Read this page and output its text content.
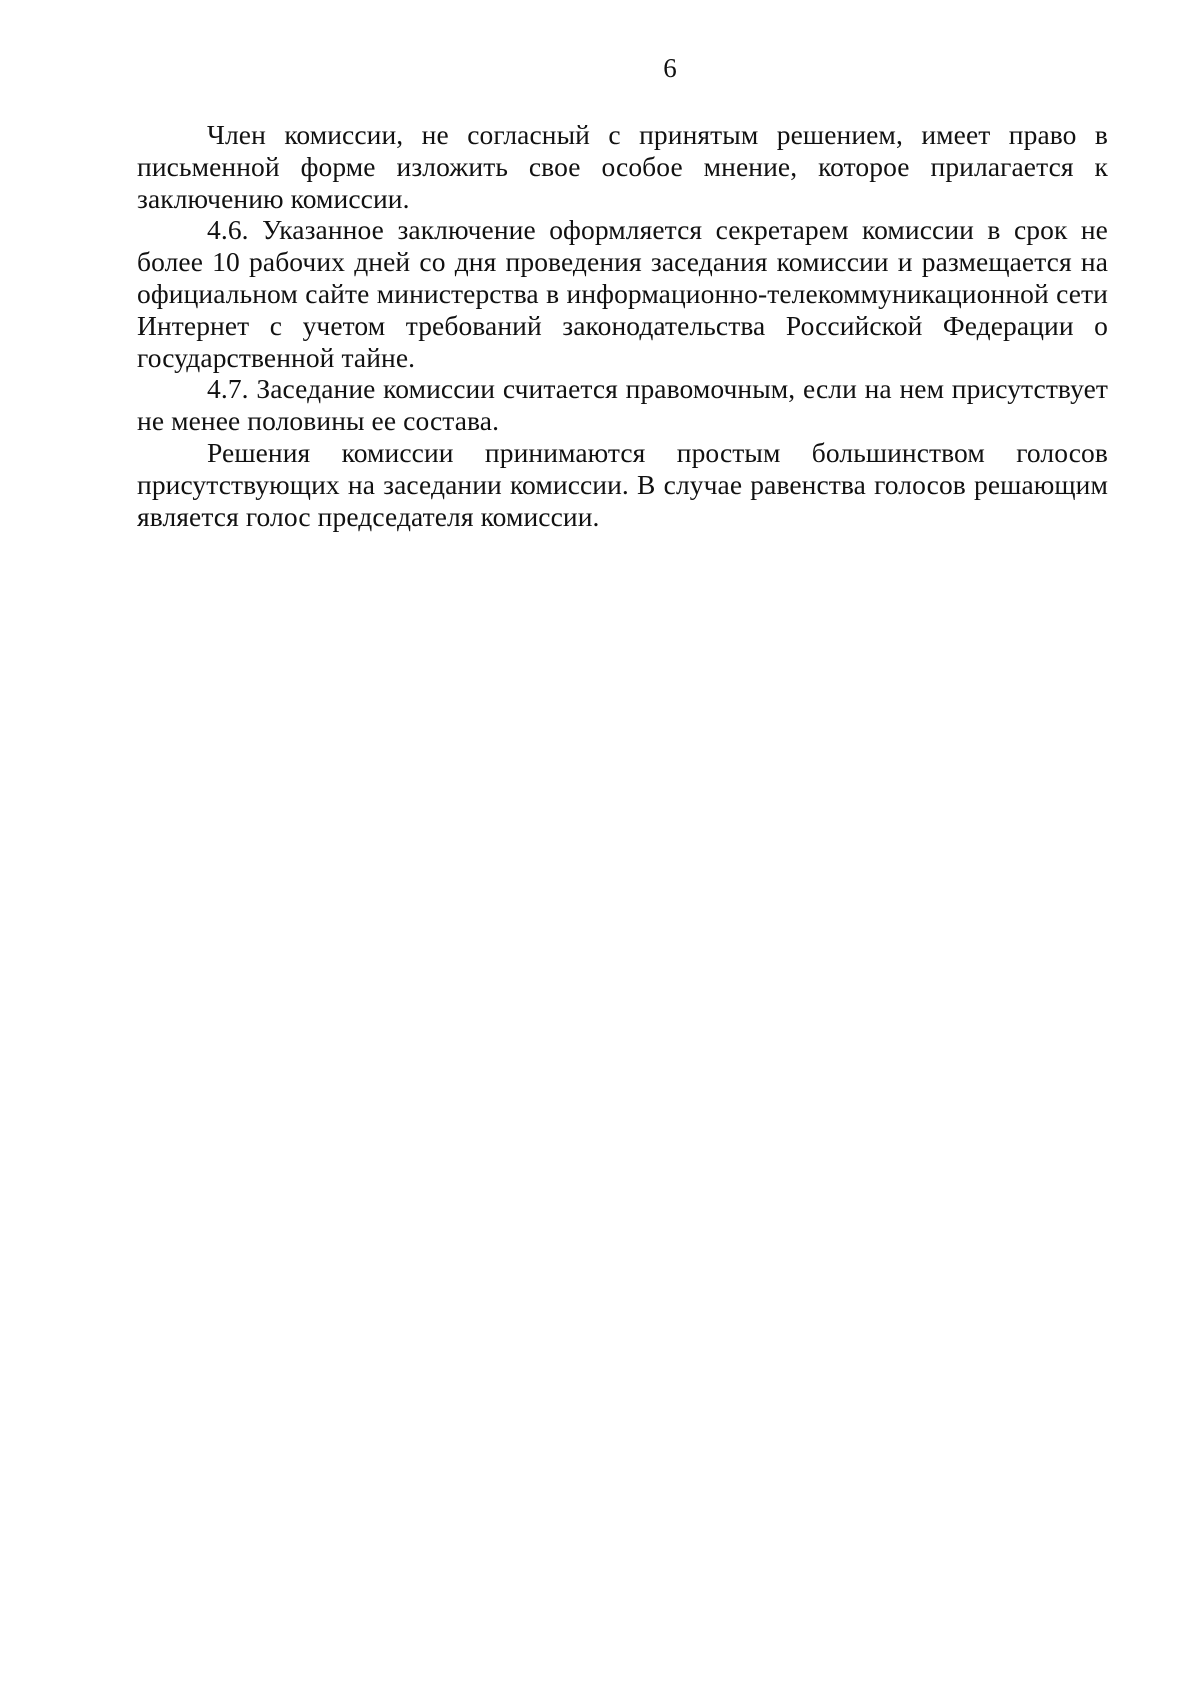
6

Член комиссии, не согласный с принятым решением, имеет право в письменной форме изложить свое особое мнение, которое прилагается к заключению комиссии.

4.6. Указанное заключение оформляется секретарем комиссии в срок не более 10 рабочих дней со дня проведения заседания комиссии и размещается на официальном сайте министерства в информационно-телекоммуникационной сети Интернет с учетом требований законодательства Российской Федерации о государственной тайне.

4.7. Заседание комиссии считается правомочным, если на нем присутствует не менее половины ее состава.

Решения комиссии принимаются простым большинством голосов присутствующих на заседании комиссии. В случае равенства голосов решающим является голос председателя комиссии.
